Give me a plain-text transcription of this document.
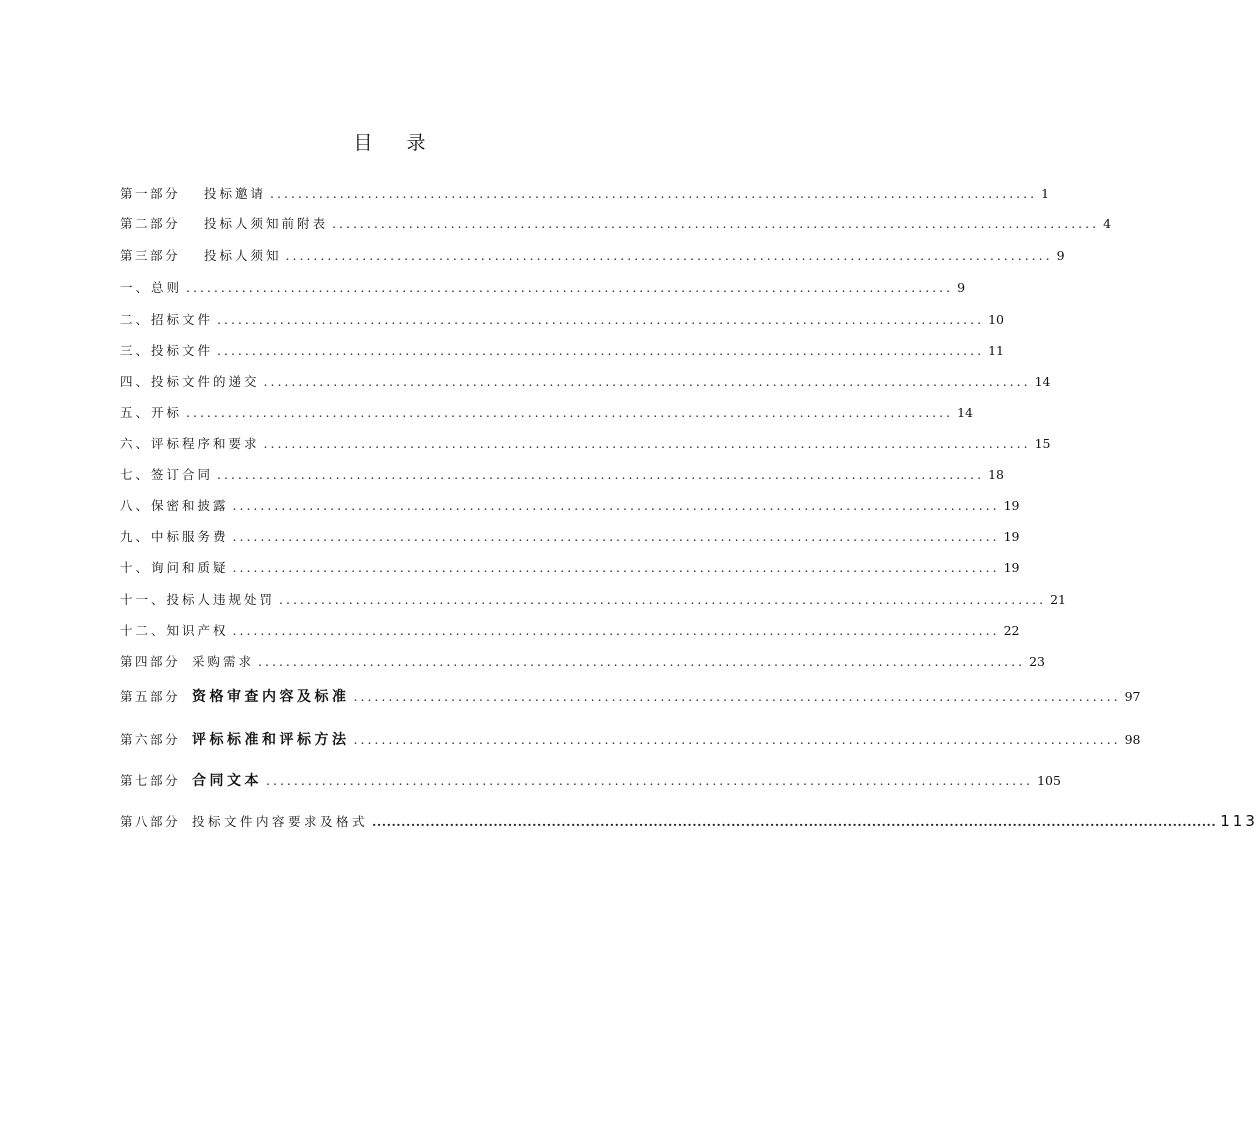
目 录
第一部分 投标邀请 .............................................................................................................. 1
第二部分 投标人须知前附表 .............................................................................................................. 4
第三部分 投标人须知 .............................................................................................................. 9
一、总则 .............................................................................................................. 9
二、招标文件 .............................................................................................................. 10
三、投标文件 .............................................................................................................. 11
四、投标文件的递交 .............................................................................................................. 14
五、开标 .............................................................................................................. 14
六、评标程序和要求 .............................................................................................................. 15
七、签订合同 .............................................................................................................. 18
八、保密和披露 .............................................................................................................. 19
九、中标服务费 .............................................................................................................. 19
十、询问和质疑 .............................................................................................................. 19
十一、投标人违规处罚 .............................................................................................................. 21
十二、知识产权 .............................................................................................................. 22
第四部分 采购需求 .............................................................................................................. 23
第五部分 资格审查内容及标准 .............................................................................................................. 97
第六部分 评标标准和评标方法 .............................................................................................................. 98
第七部分 合同文本 .............................................................................................................. 105
第八部分 投标文件内容要求及格式 .............................................................................................................................................................................. 113
